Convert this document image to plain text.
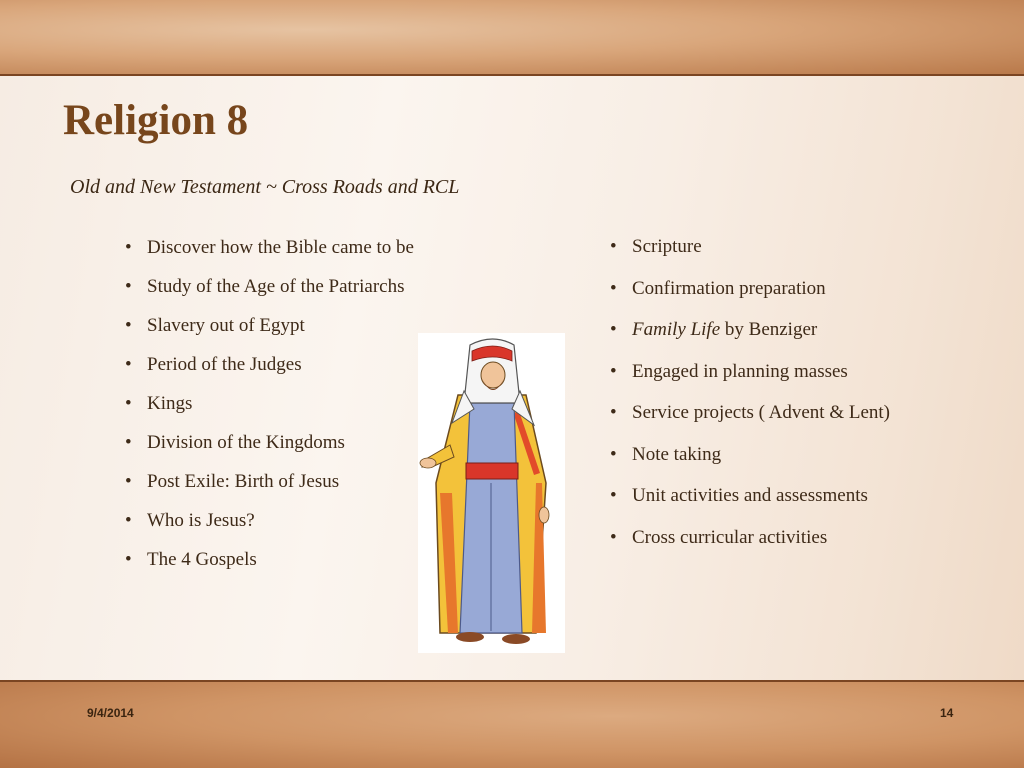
Religion 8
Old and New Testament ~ Cross Roads and RCL
• Discover how the Bible came to be
• Study of the Age of the Patriarchs
• Slavery out of Egypt
• Period of the Judges
• Kings
• Division of the Kingdoms
• Post Exile: Birth of Jesus
• Who is Jesus?
• The 4 Gospels
• Scripture
• Confirmation preparation
• Family Life by Benziger
• Engaged in planning masses
• Service projects ( Advent & Lent)
• Note taking
• Unit activities and assessments
• Cross curricular activities
9/4/2014	14
